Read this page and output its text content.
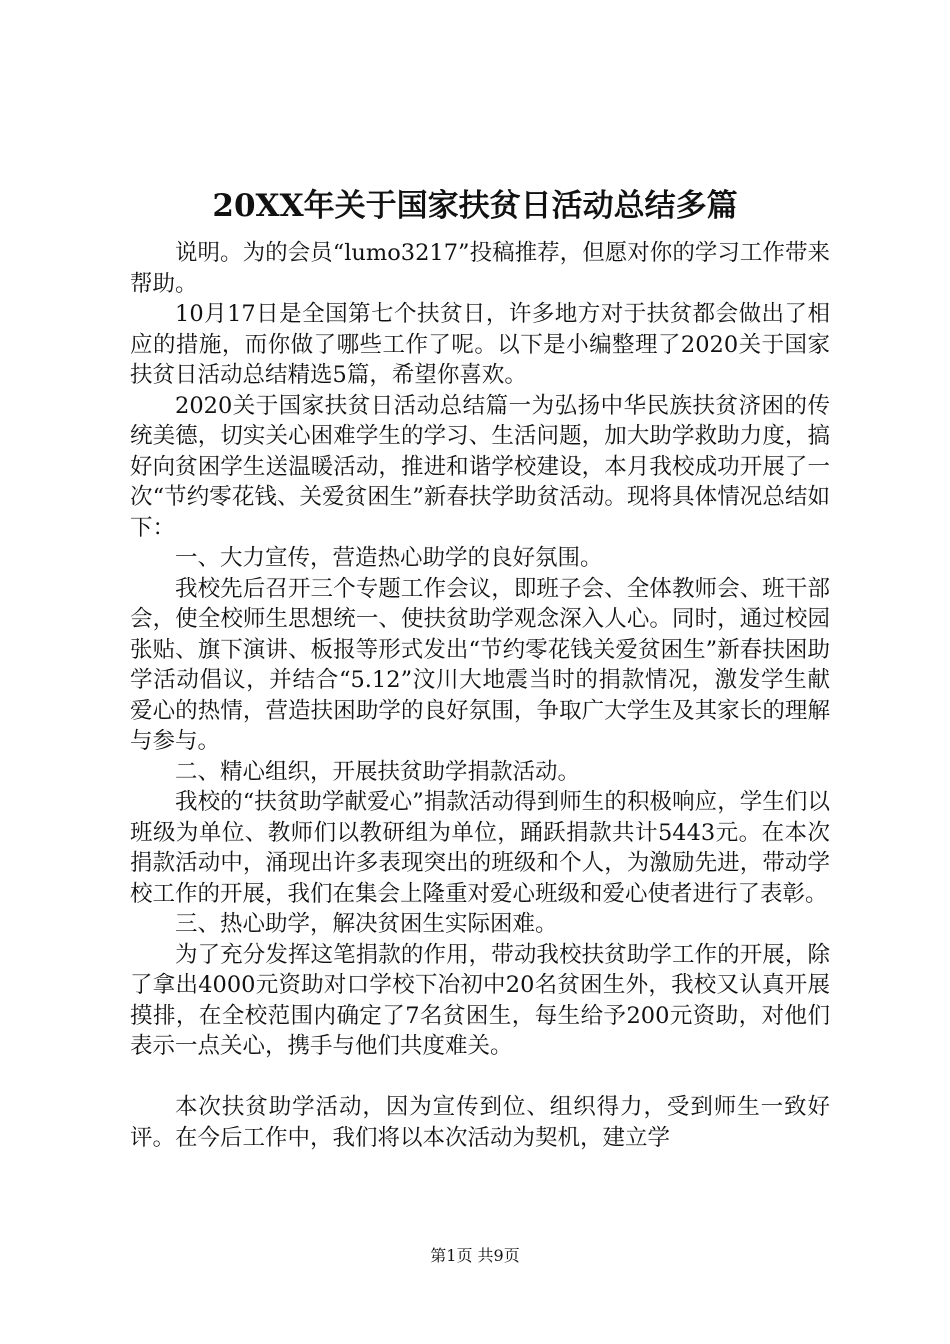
20XX年关于国家扶贫日活动总结多篇

说明。为的会员“lumo3217”投稿推荐，但愿对你的学习工作带来帮助。

10月17日是全国第七个扶贫日，许多地方对于扶贫都会做出了相应的措施，而你做了哪些工作了呢。以下是小编整理了2020关于国家扶贫日活动总结精选5篇，希望你喜欢。

2020关于国家扶贫日活动总结篇一为弘扬中华民族扶贫济困的传统美德，切实关心困难学生的学习、生活问题，加大助学救助力度，搞好向贫困学生送温暖活动，推进和谐学校建设，本月我校成功开展了一次“节约零花钱、关爱贫困生”新春扶学助贫活动。现将具体情况总结如下：

一、大力宣传，营造热心助学的良好氛围。

我校先后召开三个专题工作会议，即班子会、全体教师会、班干部会，使全校师生思想统一、使扶贫助学观念深入人心。同时，通过校园张贴、旗下演讲、板报等形式发出“节约零花钱关爱贫困生”新春扶困助学活动倡议，并结合“5.12”汶川大地震当时的捐款情况，激发学生献爱心的热情，营造扶困助学的良好氛围，争取广大学生及其家长的理解与参与。

二、精心组织，开展扶贫助学捐款活动。

我校的“扶贫助学献爱心”捐款活动得到师生的积极响应，学生们以班级为单位、教师们以教研组为单位，踊跃捐款共计5443元。在本次捐款活动中，涌现出许多表现突出的班级和个人，为激励先进，带动学校工作的开展，我们在集会上隆重对爱心班级和爱心使者进行了表彰。

三、热心助学，解决贫困生实际困难。

为了充分发挥这笔捐款的作用，带动我校扶贫助学工作的开展，除了拿出4000元资助对口学校下冶初中20名贫困生外，我校又认真开展摸排，在全校范围内确定了7名贫困生，每生给予200元资助，对他们表示一点关心，携手与他们共度难关。

本次扶贫助学活动，因为宣传到位、组织得力，受到师生一致好评。在今后工作中，我们将以本次活动为契机，建立学

第1页 共9页
